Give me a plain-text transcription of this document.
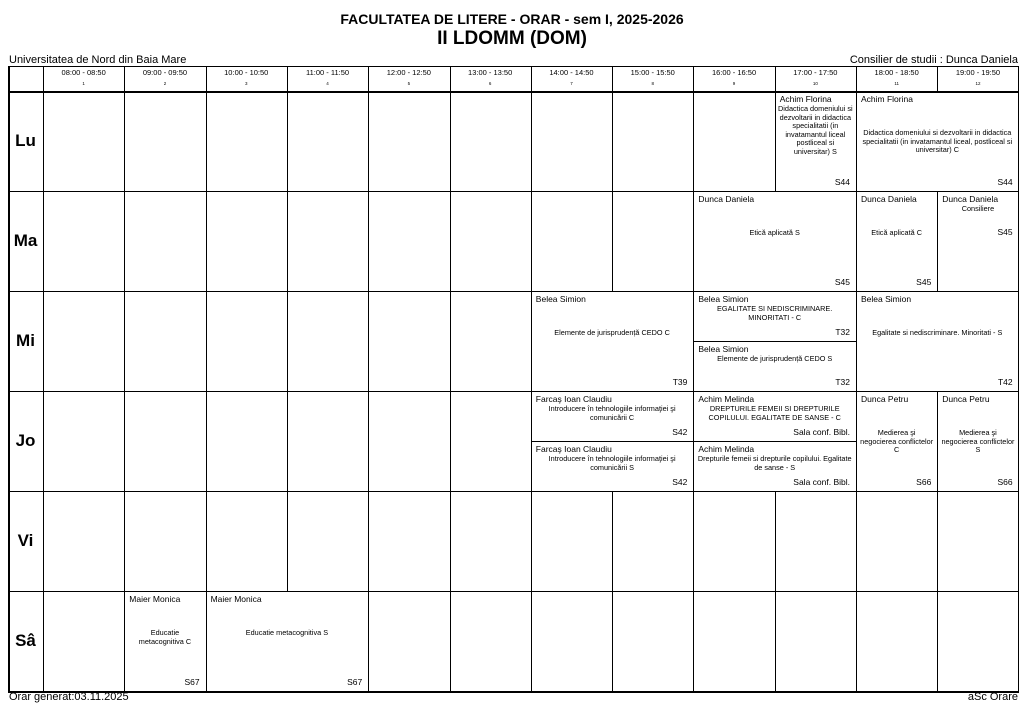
FACULTATEA DE LITERE - ORAR - sem I, 2025-2026
II LDOMM (DOM)
Universitatea de Nord din Baia Mare	Consilier de studii : Dunca Daniela
08:00 - 08:50
1
09:00 - 09:50
2
10:00 - 10:50
3
11:00 - 11:50
4
12:00 - 12:50
5
13:00 - 13:50
6
14:00 - 14:50
7
15:00 - 15:50
8
16:00 - 16:50
9
17:00 - 17:50
10
18:00 - 18:50
11
19:00 - 19:50
12
Lu
Ma
Mi
Jo
Vi
Sâ
Achim Florina
Didactica domeniului si dezvoltarii in didactica specialitatii (in invatamantul liceal postliceal si universitar) S
S44
Achim Florina
Didactica domeniului si dezvoltarii in didactica specialitatii (in invatamantul liceal, postliceal si universitar) C
S44
Dunca Daniela
Etică aplicată S
S45
Dunca Daniela
Etică aplicată C
S45
Dunca Daniela
Consiliere
S45
Belea Simion
Elemente de jurisprudență CEDO C
T39
Belea Simion
EGALITATE SI NEDISCRIMINARE. MINORITATI - C
T32
Belea Simion
Elemente de jurisprudență CEDO S
T32
Belea Simion
Egalitate si nediscriminare. Minoritati - S
T42
Farcaş Ioan Claudiu
Introducere în tehnologiile informaţiei şi comunicării C
S42
Farcaş Ioan Claudiu
Introducere în tehnologiile informaţiei şi comunicării S
S42
Achim Melinda
DREPTURILE FEMEII SI DREPTURILE COPILULUI. EGALITATE DE SANSE - C
Sala conf. Bibl.
Achim Melinda
Drepturile femeii si drepturile copilului. Egalitate de sanse - S
Sala conf. Bibl.
Dunca Petru
Medierea şi negocierea conflictelor C
S66
Dunca Petru
Medierea şi negocierea conflictelor S
S66
Maier Monica
Educatie metacognitiva C
S67
Maier Monica
Educatie metacognitiva S
S67
Orar generat:03.11.2025	aSc Orare
